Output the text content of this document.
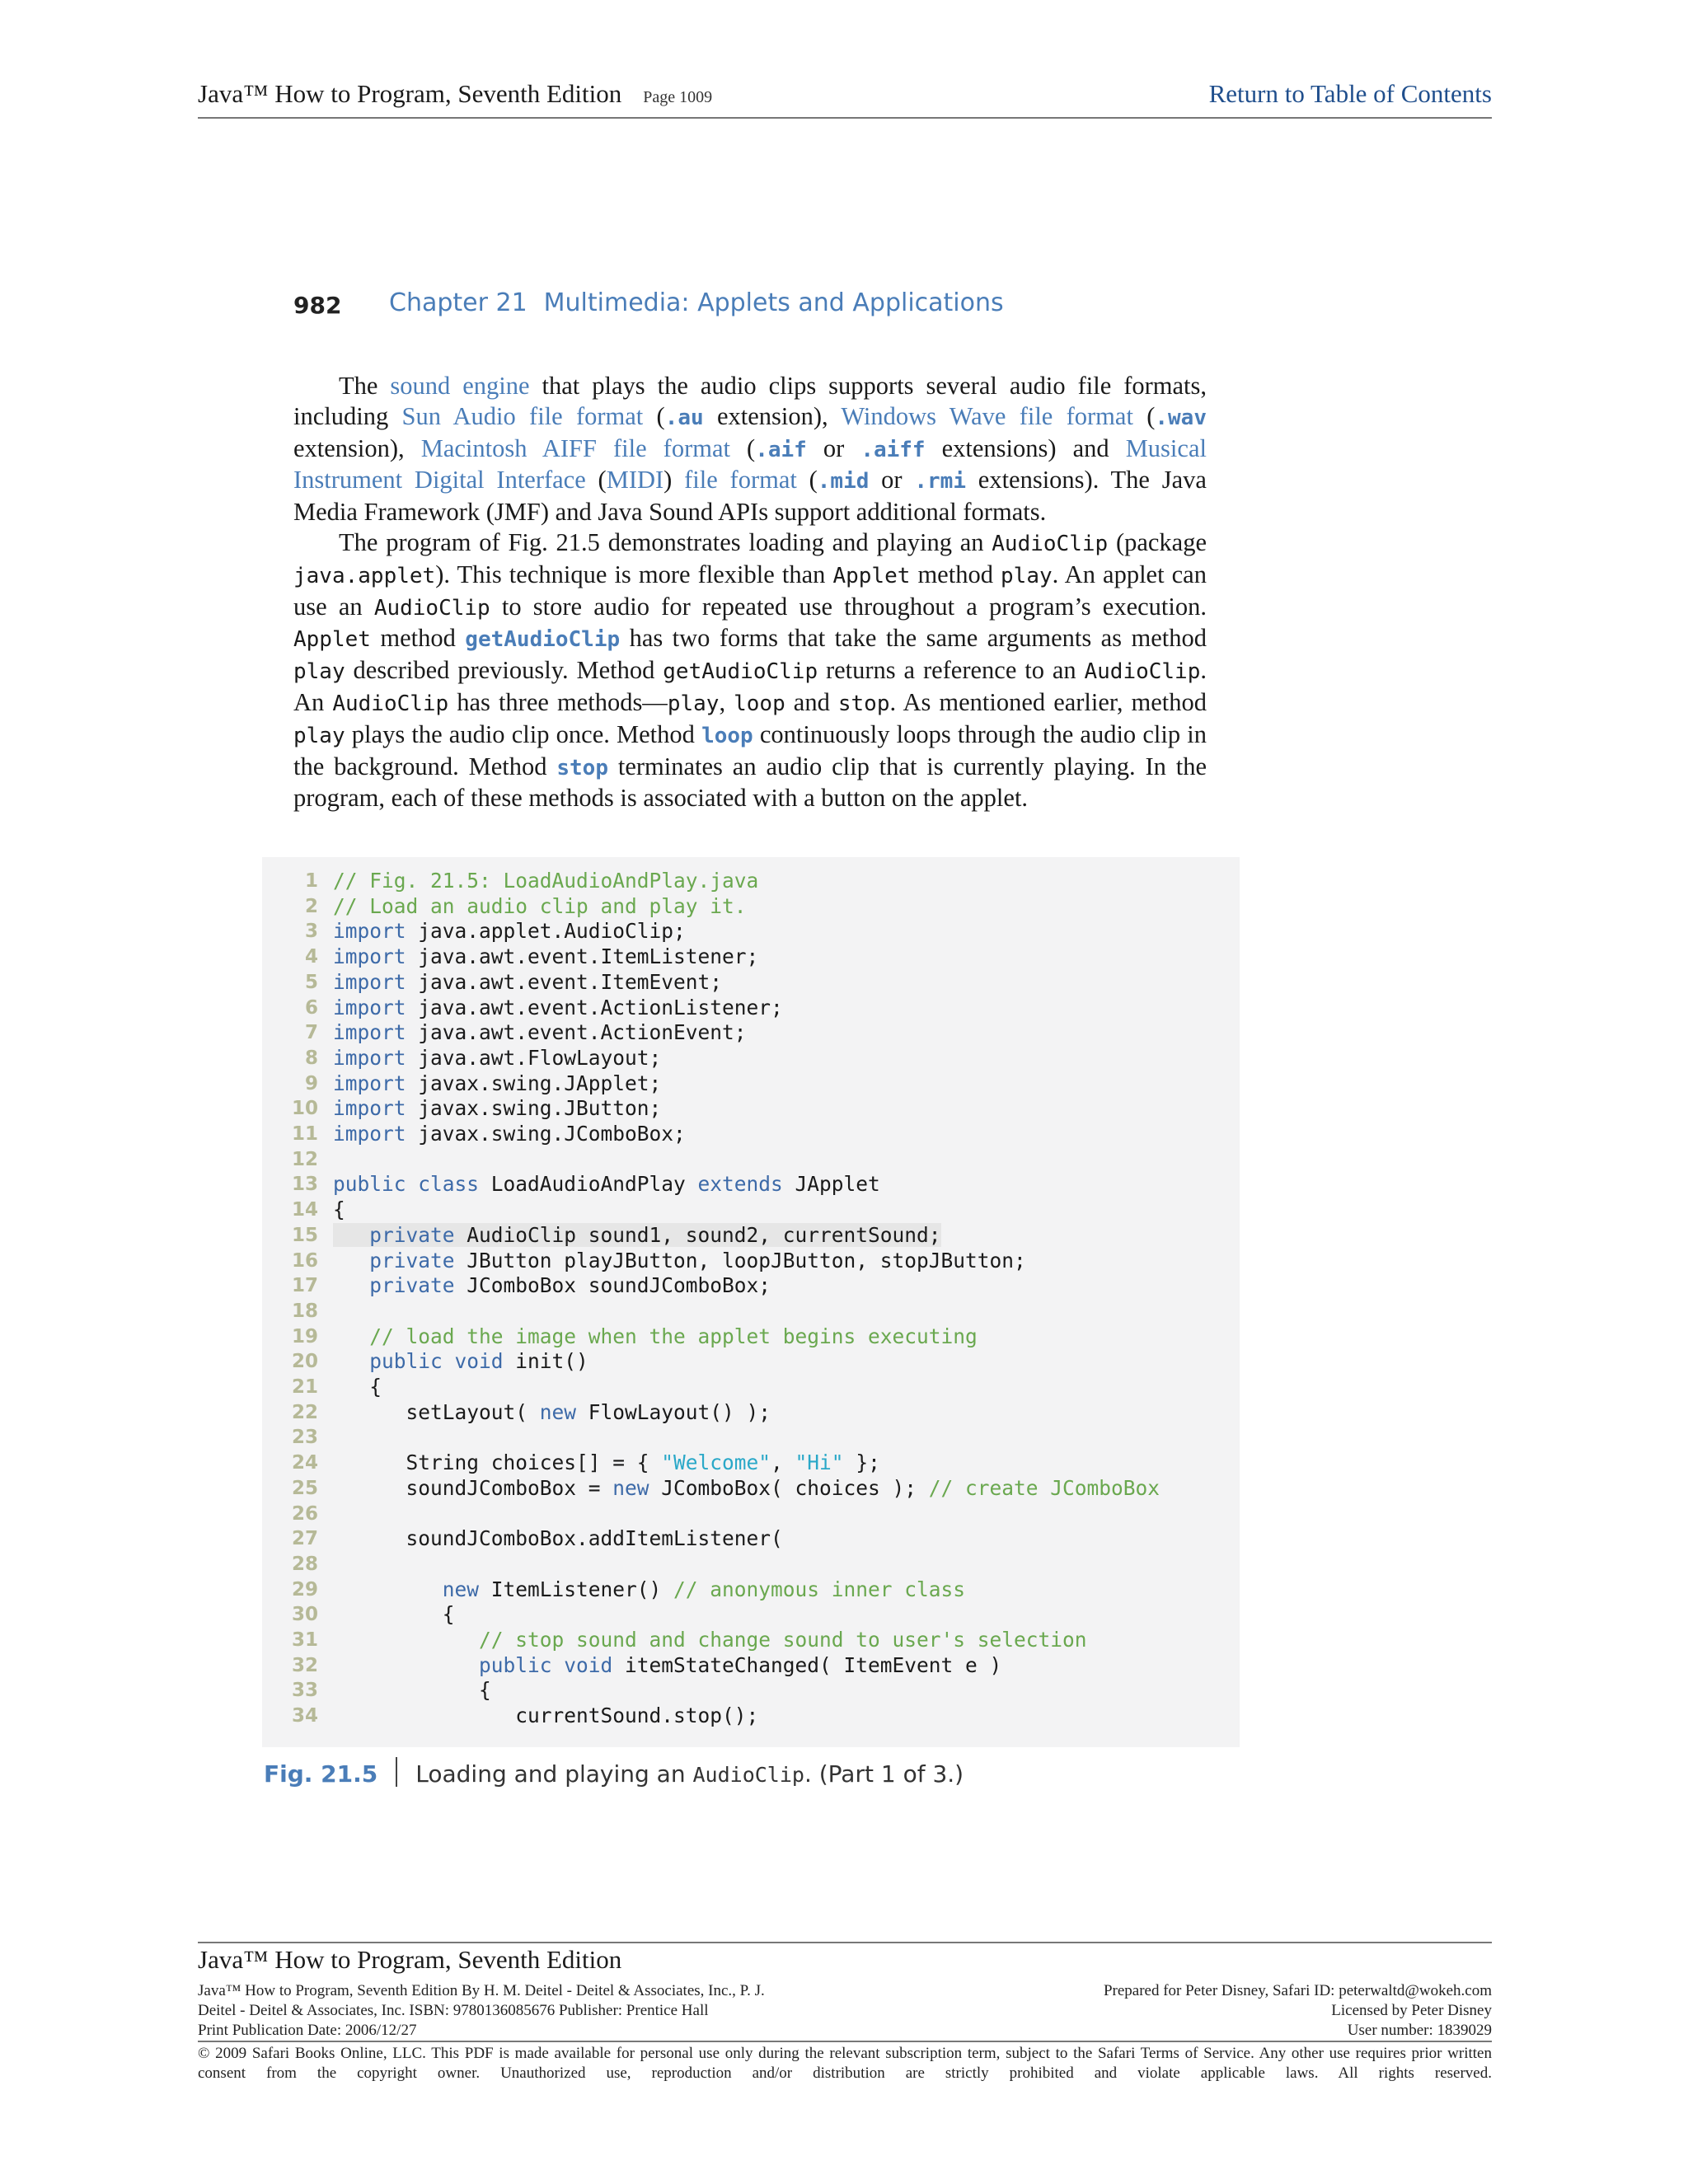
Java™ How to Program, Seventh Edition Page 1009	Return to Table of Contents
982 Chapter 21 Multimedia: Applets and Applications

The sound engine that plays the audio clips supports several audio file formats, including Sun Audio file format (.au extension), Windows Wave file format (.wav extension), Macintosh AIFF file format (.aif or .aiff extensions) and Musical Instrument Digital Interface (MIDI) file format (.mid or .rmi extensions). The Java Media Framework (JMF) and Java Sound APIs support additional formats.

The program of Fig. 21.5 demonstrates loading and playing an AudioClip (package java.applet). This technique is more flexible than Applet method play. An applet can use an AudioClip to store audio for repeated use throughout a program’s execution. Applet method getAudioClip has two forms that take the same arguments as method play described previously. Method getAudioClip returns a reference to an AudioClip. An AudioClip has three methods—play, loop and stop. As mentioned earlier, method play plays the audio clip once. Method loop continuously loops through the audio clip in the background. Method stop terminates an audio clip that is currently playing. In the program, each of these methods is associated with a button on the applet.

1 // Fig. 21.5: LoadAudioAndPlay.java
2 // Load an audio clip and play it.
3 import java.applet.AudioClip;
4 import java.awt.event.ItemListener;
5 import java.awt.event.ItemEvent;
6 import java.awt.event.ActionListener;
7 import java.awt.event.ActionEvent;
8 import java.awt.FlowLayout;
9 import javax.swing.JApplet;
10 import javax.swing.JButton;
11 import javax.swing.JComboBox;
12
13 public class LoadAudioAndPlay extends JApplet
14 {
15	private AudioClip sound1, sound2, currentSound;
16	private JButton playJButton, loopJButton, stopJButton;
17	private JComboBox soundJComboBox;
18
19	// load the image when the applet begins executing
20	public void init()
21 {
22 setLayout( new FlowLayout() );
23
24 String choices[] = { "Welcome", "Hi" };
25 soundJComboBox = new JComboBox( choices ); // create JComboBox
26
27 soundJComboBox.addItemListener(
28
29	new ItemListener() // anonymous inner class
30 {
31	// stop sound and change sound to user's selection
32	public void itemStateChanged( ItemEvent e )
33 {
34 currentSound.stop();
Fig. 21.5 Loading and playing an AudioClip. (Part 1 of 3.)
Java™ How to Program, Seventh Edition
Java™ How to Program, Seventh Edition By H. M. Deitel - Deitel & Associates, Inc., P. J.
Deitel - Deitel & Associates, Inc. ISBN: 9780136085676 Publisher: Prentice Hall
Print Publication Date: 2006/12/27
Prepared for Peter Disney, Safari ID: peterwaltd@wokeh.com
Licensed by Peter Disney
User number: 1839029
© 2009 Safari Books Online, LLC. This PDF is made available for personal use only during the relevant subscription term, subject to the Safari Terms of Service. Any other use requires prior written consent from the copyright owner. Unauthorized use, reproduction and/or distribution are strictly prohibited and violate applicable laws. All rights reserved.
